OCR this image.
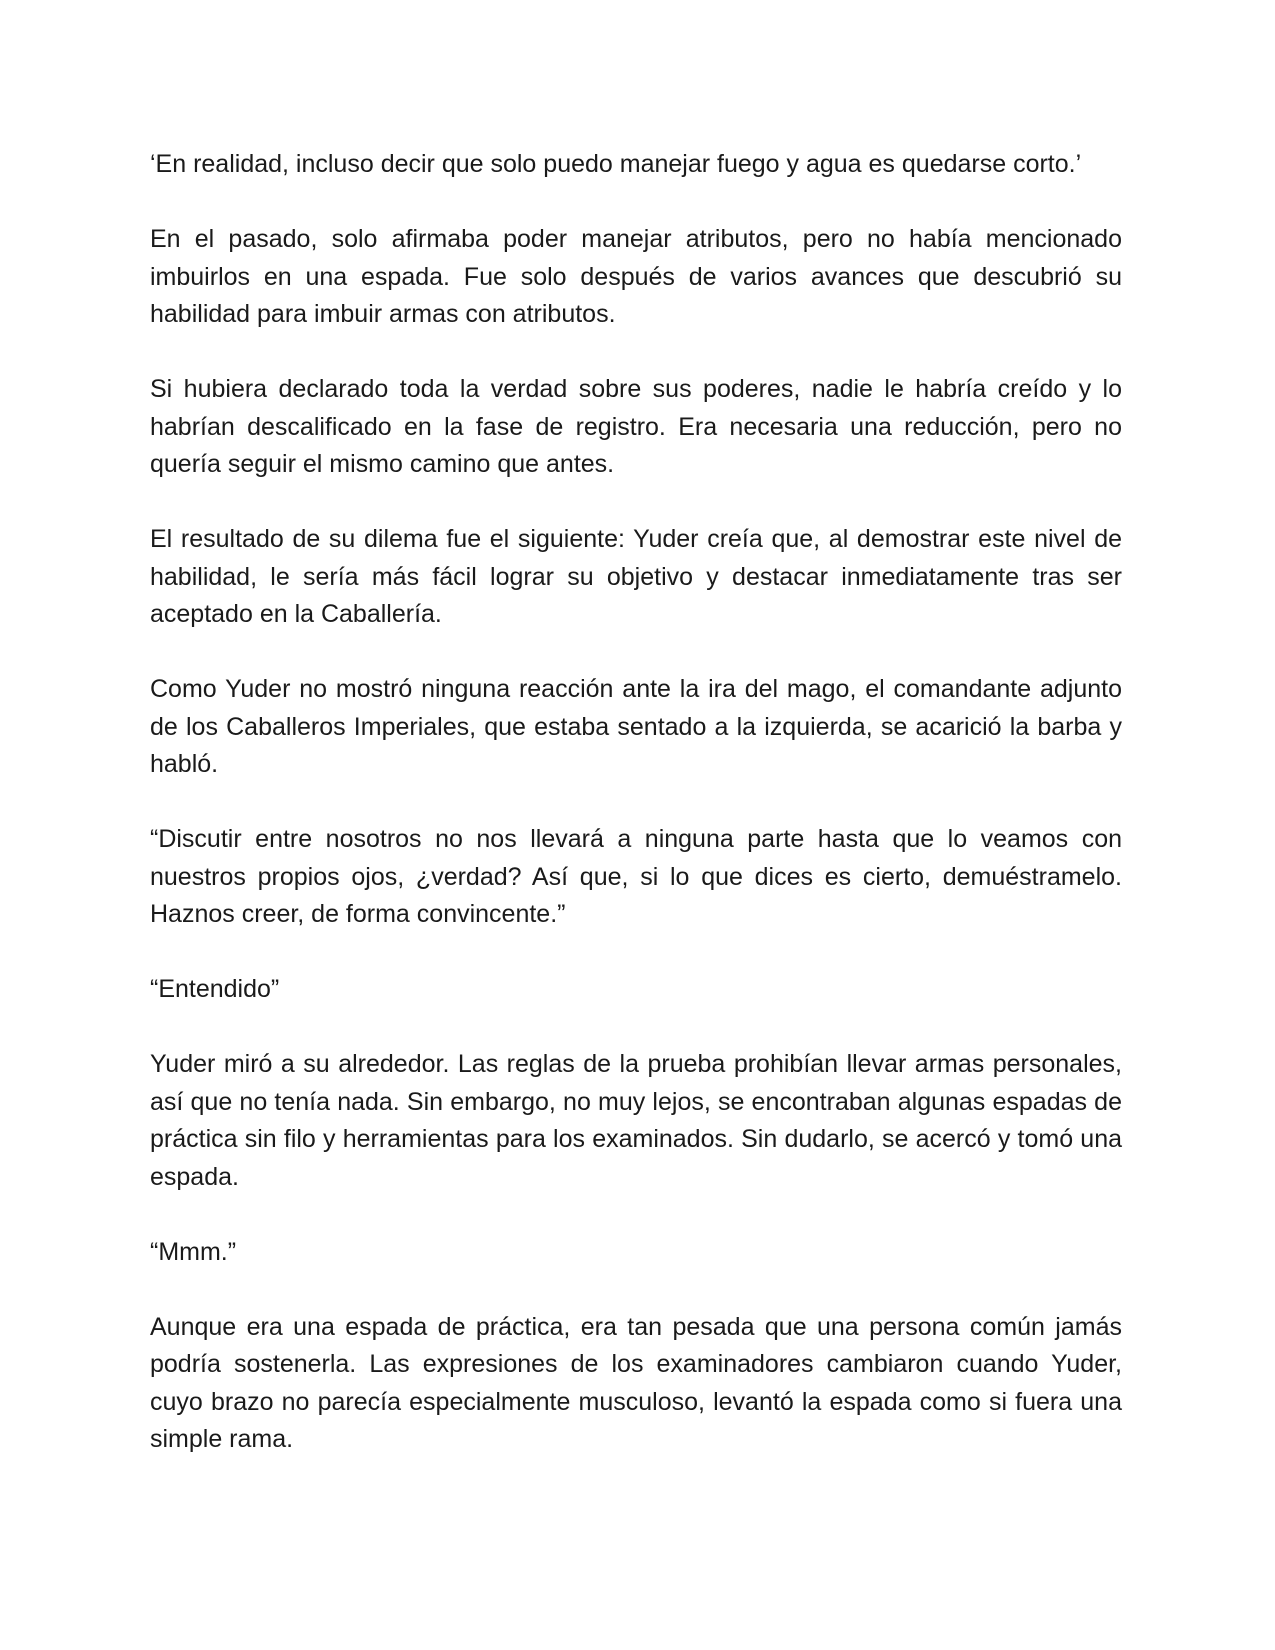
‘En realidad, incluso decir que solo puedo manejar fuego y agua es quedarse corto.’

En el pasado, solo afirmaba poder manejar atributos, pero no había mencionado imbuirlos en una espada. Fue solo después de varios avances que descubrió su habilidad para imbuir armas con atributos.

Si hubiera declarado toda la verdad sobre sus poderes, nadie le habría creído y lo habrían descalificado en la fase de registro. Era necesaria una reducción, pero no quería seguir el mismo camino que antes.

El resultado de su dilema fue el siguiente: Yuder creía que, al demostrar este nivel de habilidad, le sería más fácil lograr su objetivo y destacar inmediatamente tras ser aceptado en la Caballería.

Como Yuder no mostró ninguna reacción ante la ira del mago, el comandante adjunto de los Caballeros Imperiales, que estaba sentado a la izquierda, se acarició la barba y habló.

“Discutir entre nosotros no nos llevará a ninguna parte hasta que lo veamos con nuestros propios ojos, ¿verdad? Así que, si lo que dices es cierto, demuéstramelo. Haznos creer, de forma convincente.”

“Entendido”

Yuder miró a su alrededor. Las reglas de la prueba prohibían llevar armas personales, así que no tenía nada. Sin embargo, no muy lejos, se encontraban algunas espadas de práctica sin filo y herramientas para los examinados. Sin dudarlo, se acercó y tomó una espada.

“Mmm.”

Aunque era una espada de práctica, era tan pesada que una persona común jamás podría sostenerla. Las expresiones de los examinadores cambiaron cuando Yuder, cuyo brazo no parecía especialmente musculoso, levantó la espada como si fuera una simple rama.
